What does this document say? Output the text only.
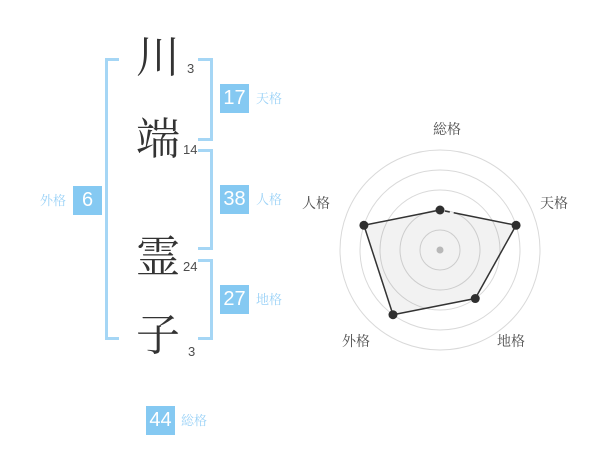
川
端
霊
子
3
14
24
3
17 天格
38 人格
27 地格
外格 6
44 総格
総格
天格
地格
外格
人格
